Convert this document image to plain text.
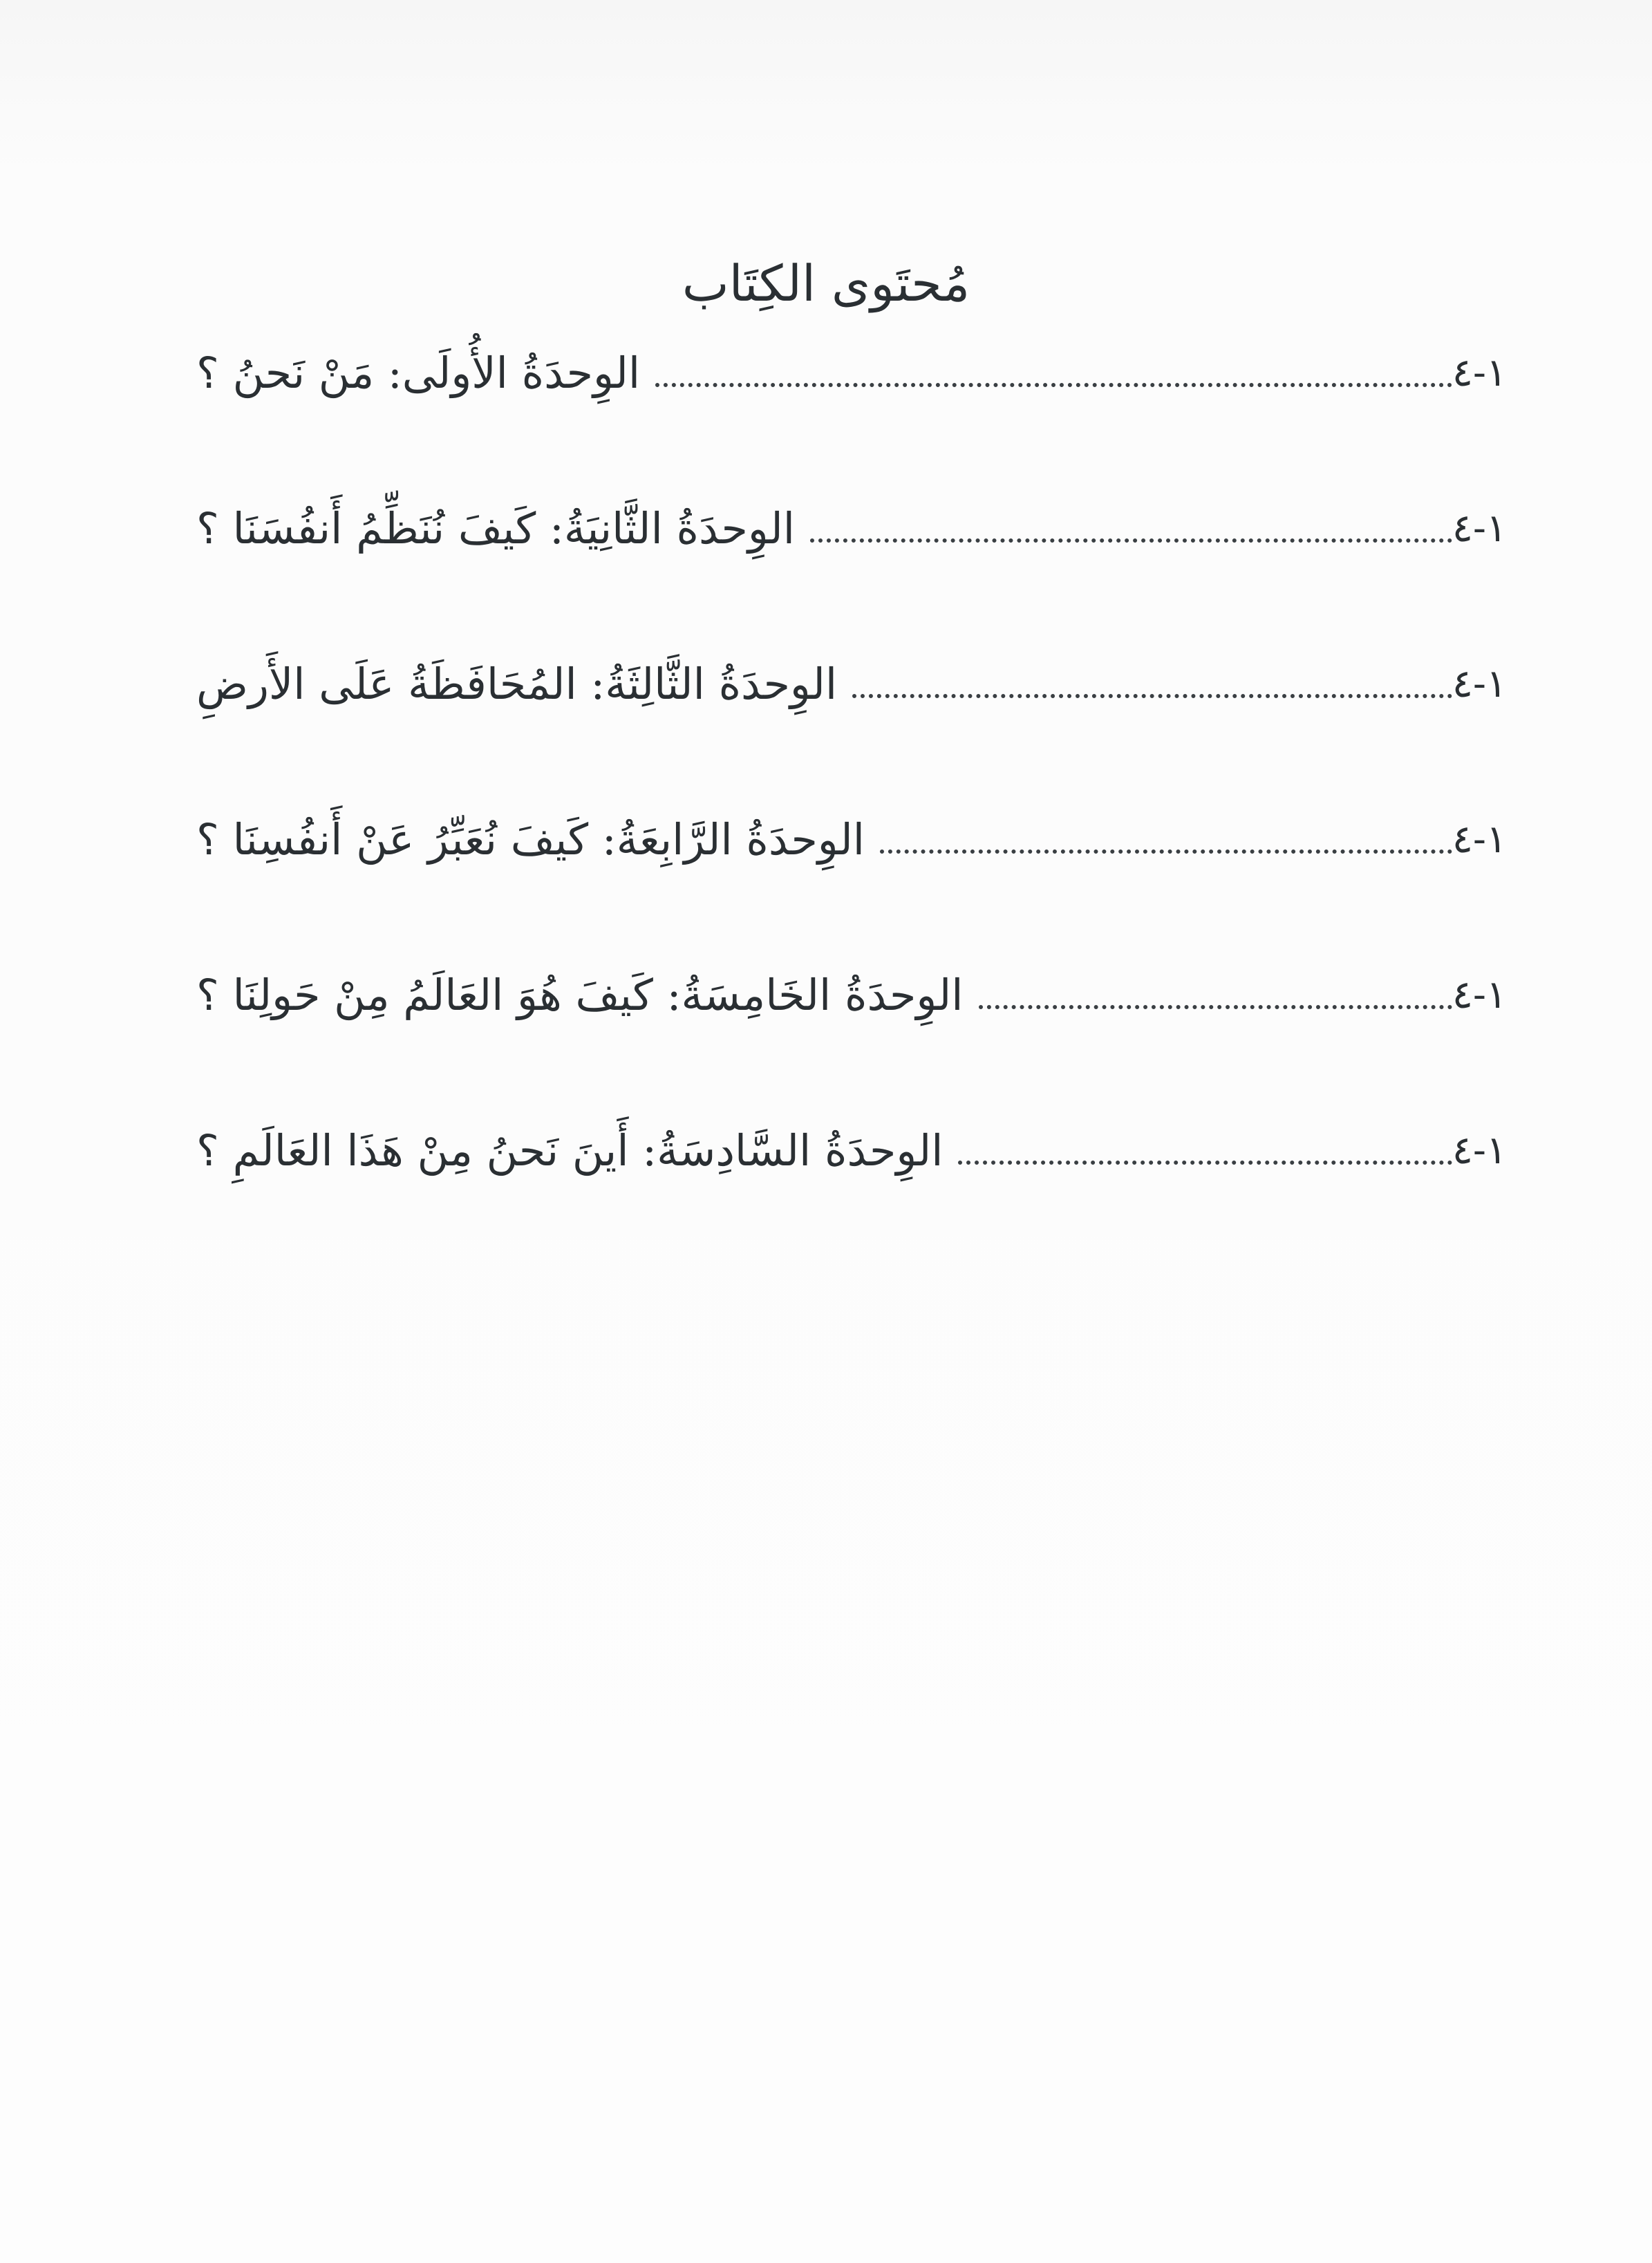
مُحتَوى الكِتَاب
الوِحدَةُ الأُولَى: مَنْ نَحنُ ؟	١-٤
الوِحدَةُ الثَّانِيَةُ: كَيفَ نُنَظِّمُ أَنفُسَنَا ؟	١-٤
الوِحدَةُ الثَّالِثَةُ: المُحَافَظَةُ عَلَى الأَرضِ	١-٤
الوِحدَةُ الرَّابِعَةُ: كَيفَ نُعَبِّرُ عَنْ أَنفُسِنَا ؟	١-٤
الوِحدَةُ الخَامِسَةُ: كَيفَ هُوَ العَالَمُ مِنْ حَولِنَا ؟	١-٤
الوِحدَةُ السَّادِسَةُ: أَينَ نَحنُ مِنْ هَذَا العَالَمِ ؟	١-٤
